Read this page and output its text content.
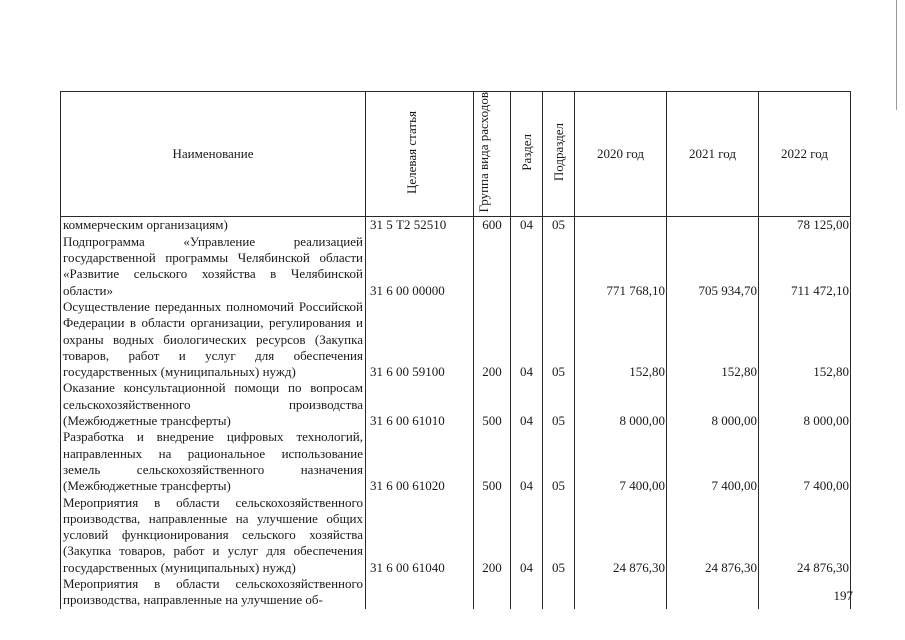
Наименование	Целевая статья	Группа вида расходов	Раздел	Подраздел	2020 год	2021 год	2022 год
коммерческим организациям)	31 5 Т2 52510	600	04	05			78 125,00
Подпрограмма «Управление реализацией государственной программы Челябинской области «Развитие сельского хозяйства в Челябинской области»	31 6 00 00000				771 768,10	705 934,70	711 472,10
Осуществление переданных полномочий Российской Федерации в области организации, регулирования и охраны водных биологических ресурсов (Закупка товаров, работ и услуг для обеспечения государственных (муниципальных) нужд)	31 6 00 59100	200	04	05	152,80	152,80	152,80
Оказание консультационной помощи по вопросам сельскохозяйственного производства (Межбюджетные трансферты)	31 6 00 61010	500	04	05	8 000,00	8 000,00	8 000,00
Разработка и внедрение цифровых технологий, направленных на рациональное использование земель сельскохозяйственного назначения (Межбюджетные трансферты)	31 6 00 61020	500	04	05	7 400,00	7 400,00	7 400,00
Мероприятия в области сельскохозяйственного производства, направленные на улучшение общих условий функционирования сельского хозяйства (Закупка товаров, работ и услуг для обеспечения государственных (муниципальных) нужд)	31 6 00 61040	200	04	05	24 876,30	24 876,30	24 876,30
Мероприятия в области сельскохозяйственного производства, направленные на улучшение об-								197
